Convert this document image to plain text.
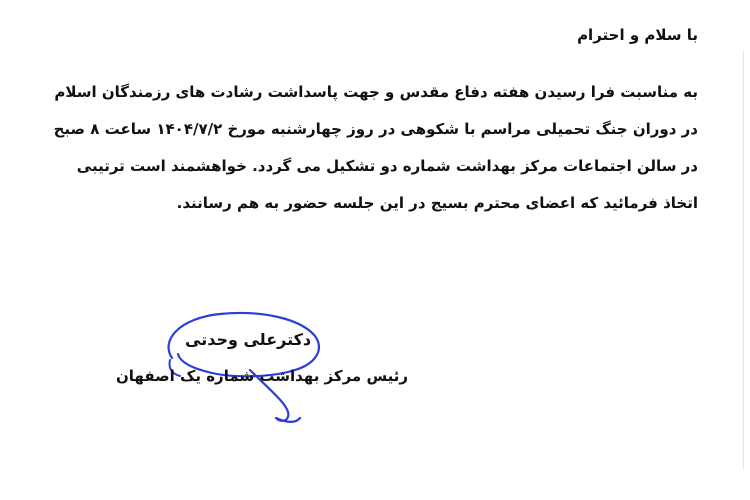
با سلام و احترام
به مناسبت فرا رسیدن هفته دفاع مقدس و جهت پاسداشت رشادت های رزمندگان اسلام
در دوران جنگ تحمیلی مراسم با شکوهی در روز چهارشنبه مورخ ۱۴۰۴/۷/۲ ساعت ۸ صبح
در سالن اجتماعات مرکز بهداشت شماره دو تشکیل می گردد. خواهشمند است ترتیبی
اتخاذ فرمائید که اعضای محترم بسیج در این جلسه حضور به هم رسانند.
دکترعلی وحدتی
رئیس مرکز بهداشت شماره یک اصفهان
